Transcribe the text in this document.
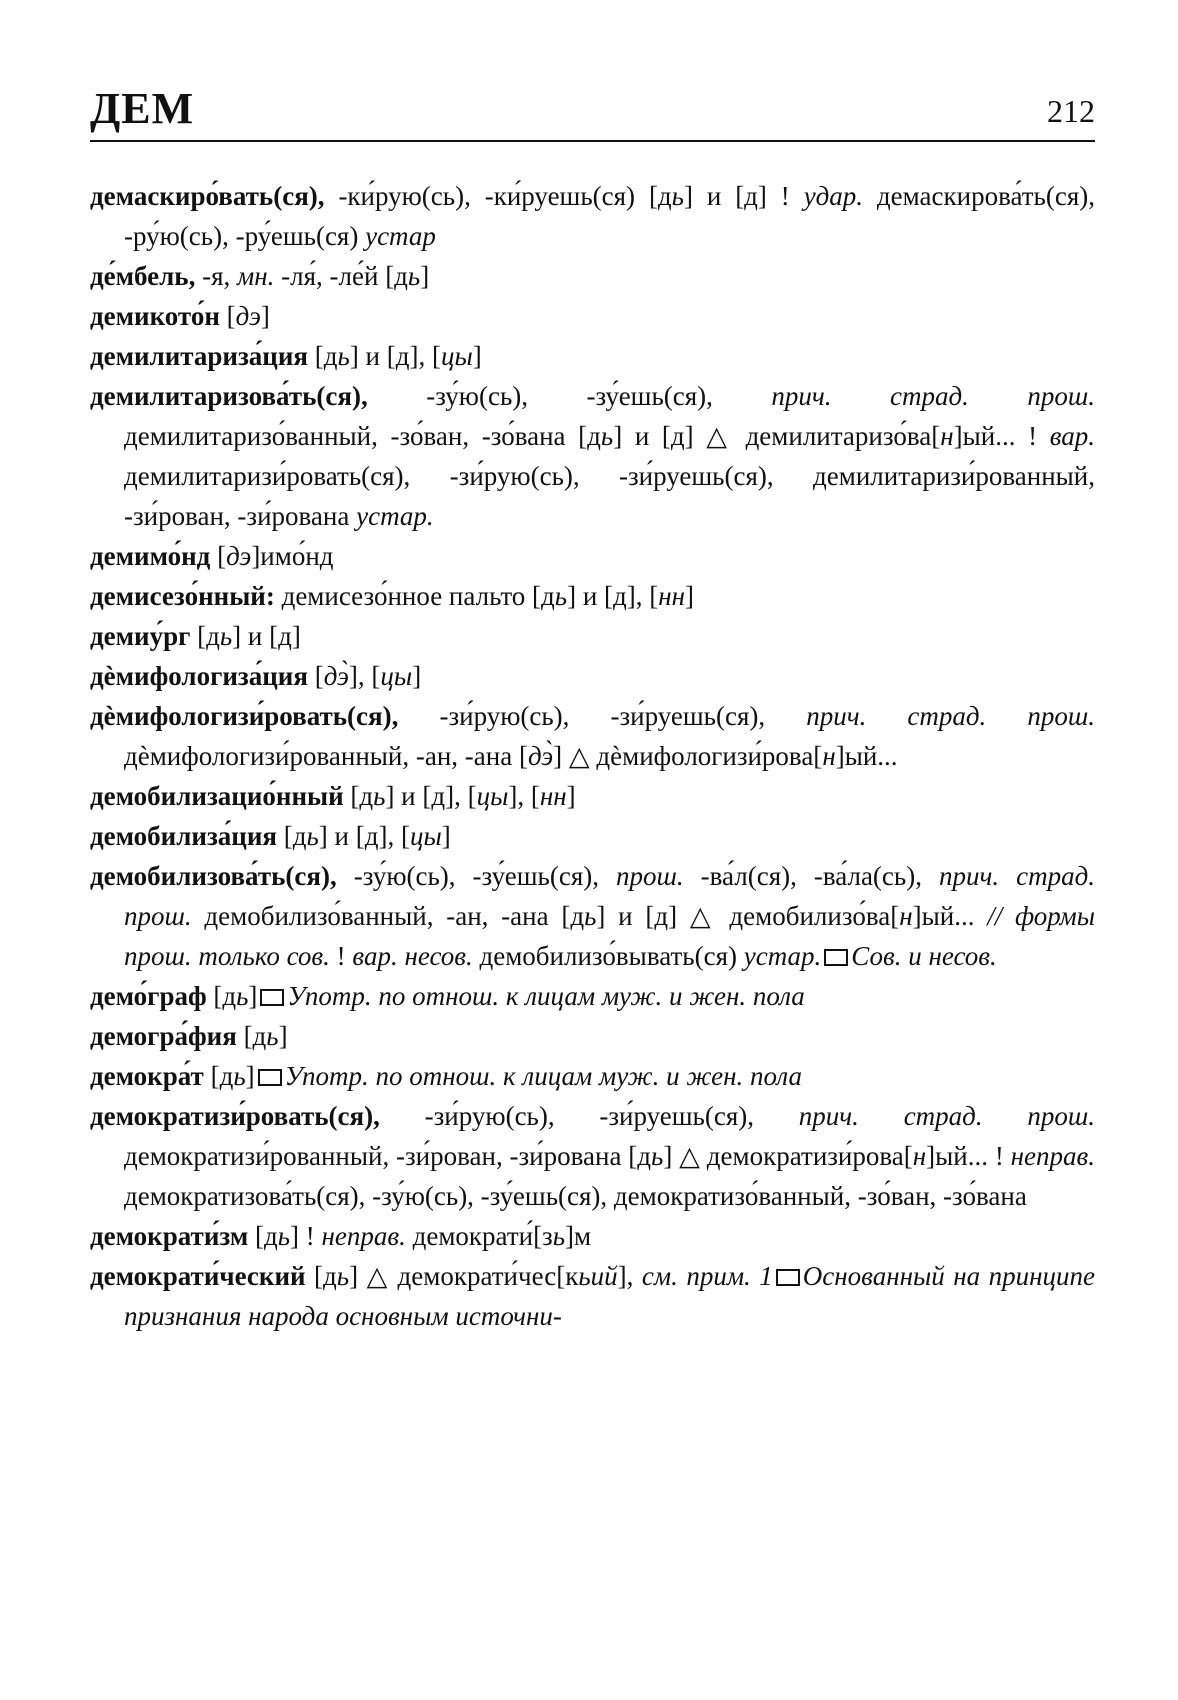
ДЕМ	212
демаскиро́вать(ся), -ки́рую(сь), -ки́руешь(ся) [дь] и [д] ! удар. демаскирова́ть(ся), -ру́ю(сь), -ру́ешь(ся) устар
де́мбель, -я, мн. -ля́, -ле́й [дь]
демикото́н [дэ]
демилитариза́ция [дь] и [д], [цы]
демилитаризова́ть(ся), -зу́ю(сь), -зу́ешь(ся), прич. страд. прош. демилитаризо́ванный, -зо́ван, -зо́вана [дь] и [д] △ демилитаризо́ва[н]ый... ! вар. демилитаризи́ровать(ся), -зи́рую(сь), -зи́руешь(ся), демилитаризи́рованный, -зи́рован, -зи́рована устар.
демимо́нд [дэ]имо́нд
демисезо́нный: демисезо́нное пальто [дь] и [д], [нн]
демиу́рг [дь] и [д]
дѐмифологиза́ция [дэ̀], [цы]
дѐмифологизи́ровать(ся), -зи́рую(сь), -зи́руешь(ся), прич. страд. прош. дѐмифологизи́рованный, -ан, -ана [дэ̀] △ дѐмифологизи́рова[н]ый...
демобилизацио́нный [дь] и [д], [цы], [нн]
демобилиза́ция [дь] и [д], [цы]
демобилизова́ть(ся), -зу́ю(сь), -зу́ешь(ся), прош. -ва́л(ся), -ва́ла(сь), прич. страд. прош. демобилизо́ванный, -ан, -ана [дь] и [д] △ демобилизо́ва[н]ый... // формы прош. только сов. ! вар. несов. демобилизо́вывать(ся) устар. Сов. и несов.
демо́граф [дь] Употр. по отнош. к лицам муж. и жен. пола
демогра́фия [дь]
демокра́т [дь] Употр. по отнош. к лицам муж. и жен. пола
демократизи́ровать(ся), -зи́рую(сь), -зи́руешь(ся), прич. страд. прош. демократизи́рованный, -зи́рован, -зи́рована [дь] △ демократизи́рова[н]ый... ! неправ. демократизова́ть(ся), -зу́ю(сь), -зу́ешь(ся), демократизо́ванный, -зо́ван, -зо́вана
демократи́зм [дь] ! неправ. демократи́[зь]м
демократи́ческий [дь] △ демократи́чес[кьий], см. прим. 1 Основанный на принципе признания народа основным источни-
